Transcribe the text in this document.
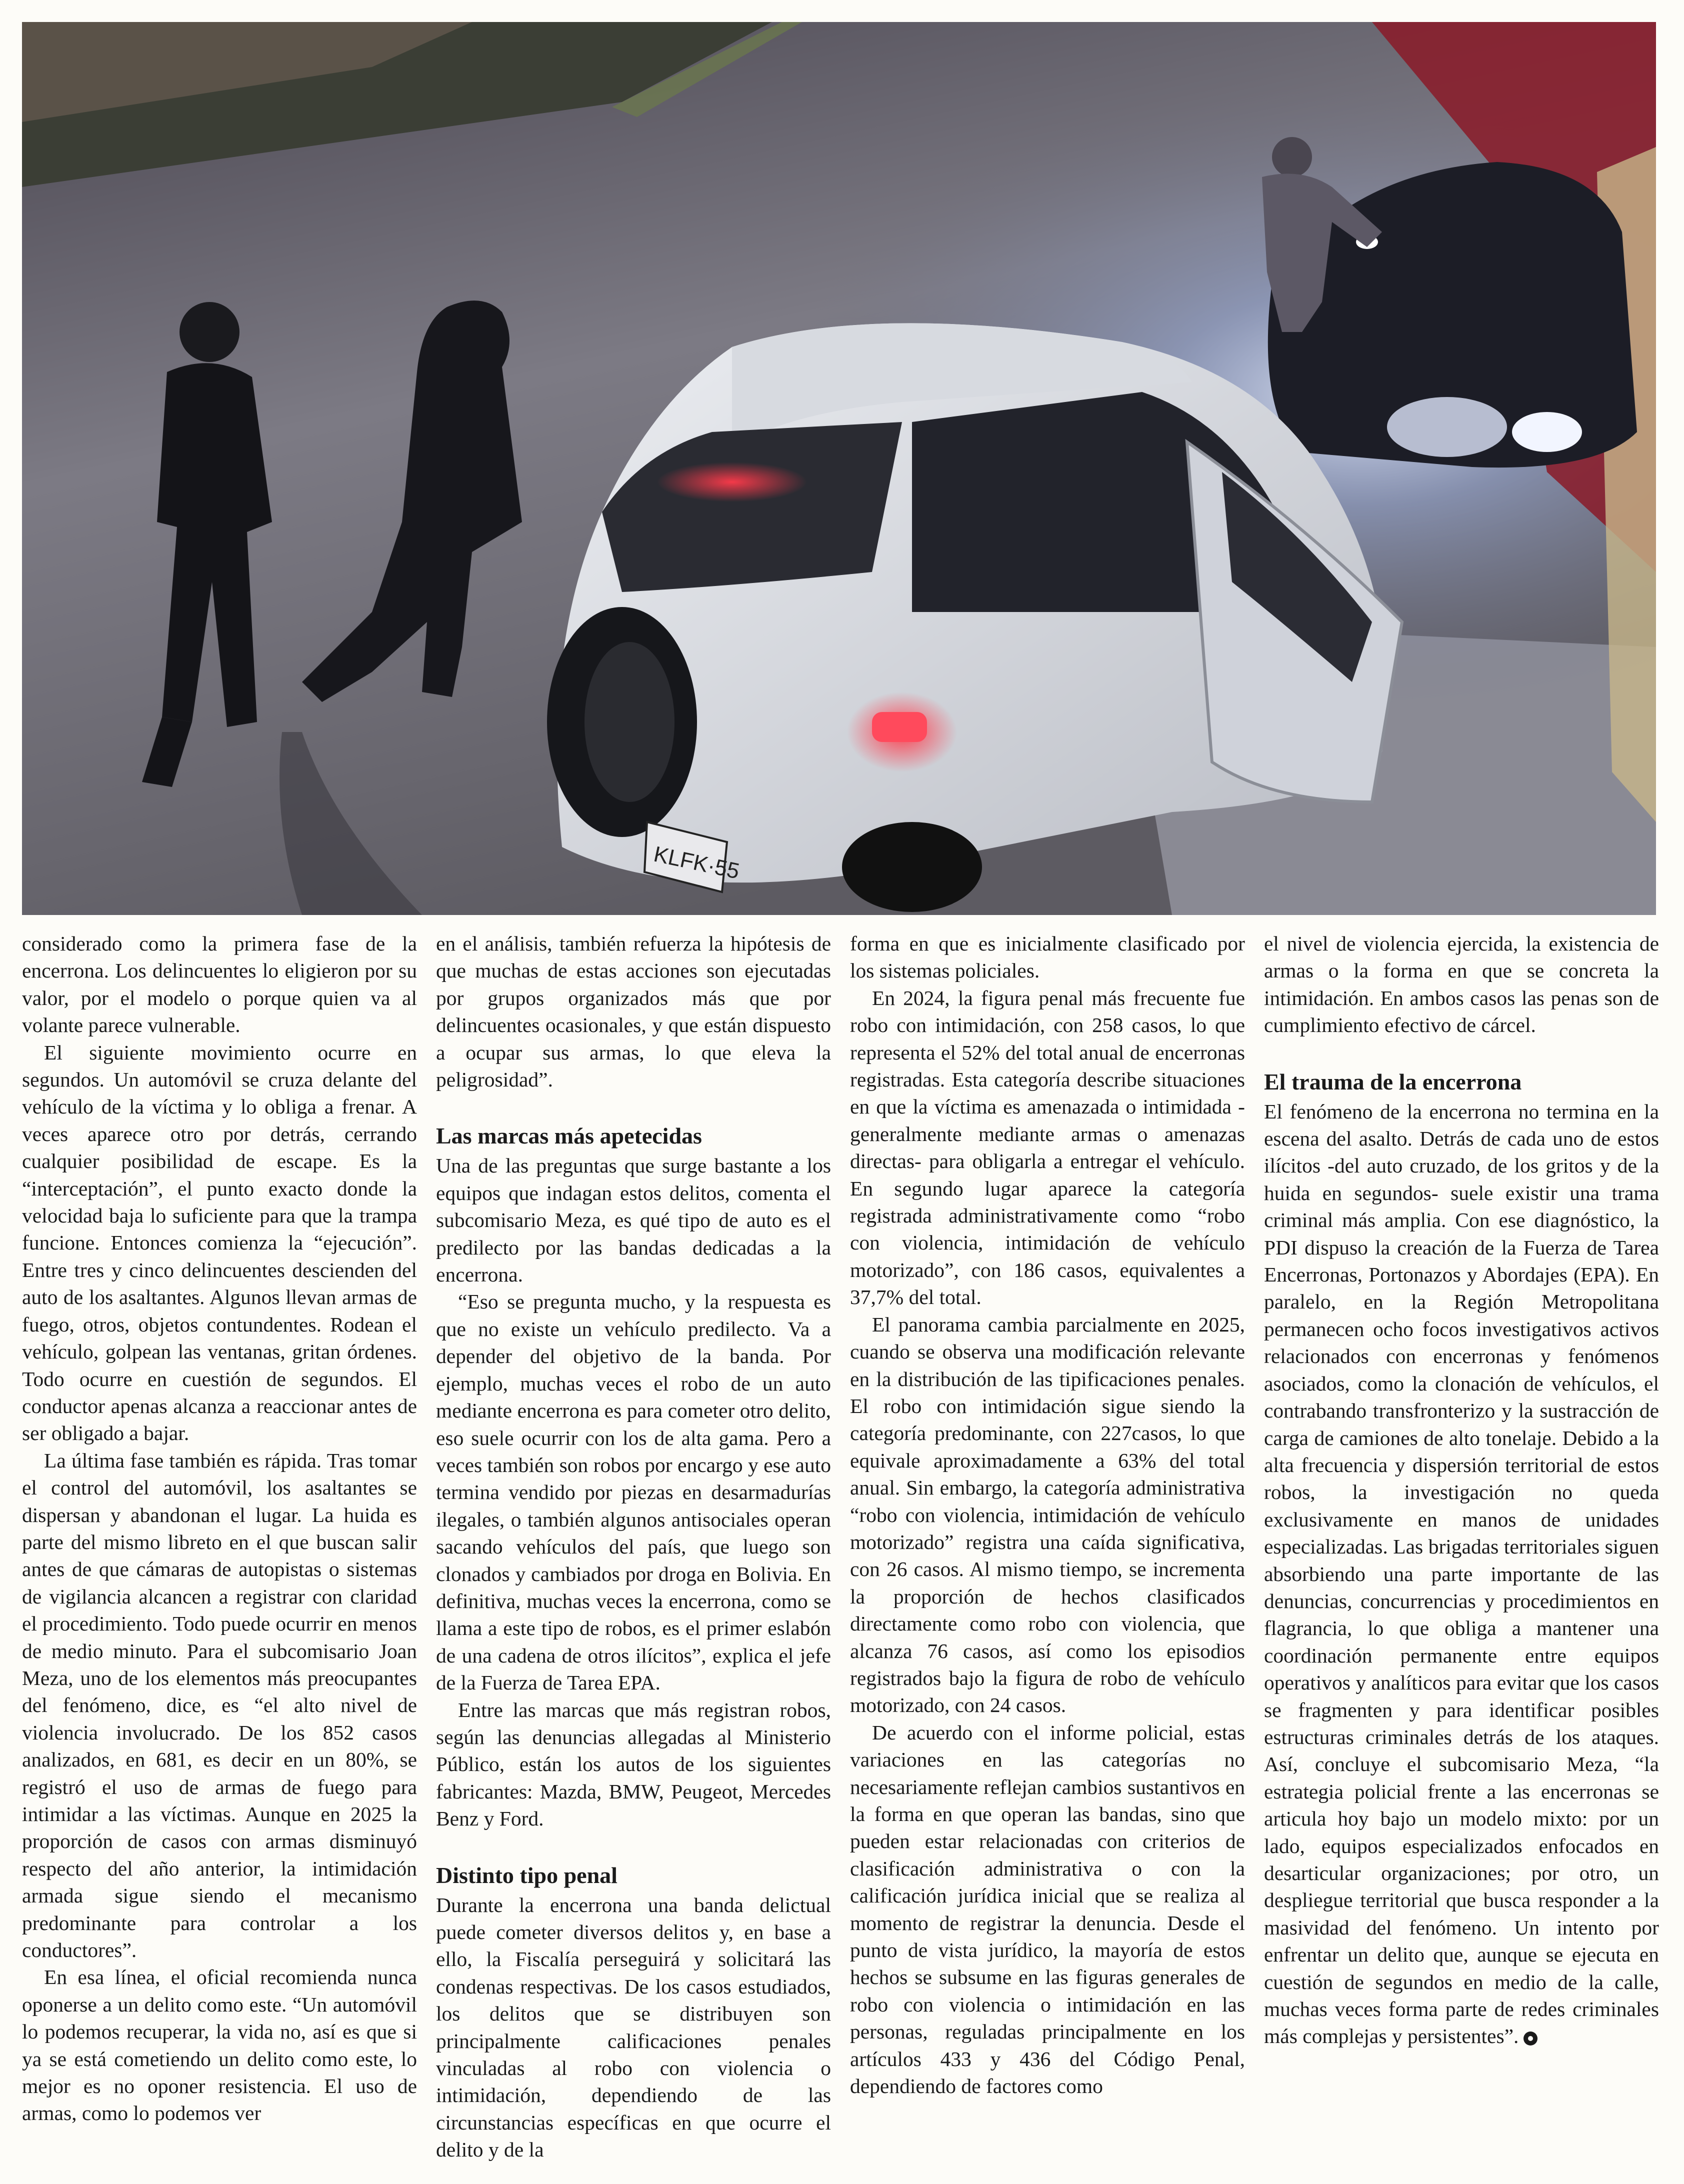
KLFK·55

considerado como la primera fase de la encerrona. Los delincuentes lo eligieron por su valor, por el modelo o porque quien va al volante parece vulnerable.

El siguiente movimiento ocurre en segundos. Un automóvil se cruza delante del vehículo de la víctima y lo obliga a frenar. A veces aparece otro por detrás, cerrando cualquier posibilidad de escape. Es la “interceptación”, el punto exacto donde la velocidad baja lo suficiente para que la trampa funcione. Entonces comienza la “ejecución”. Entre tres y cinco delincuentes descienden del auto de los asaltantes. Algunos llevan armas de fuego, otros, objetos contundentes. Rodean el vehículo, golpean las ventanas, gritan órdenes. Todo ocurre en cuestión de segundos. El conductor apenas alcanza a reaccionar antes de ser obligado a bajar.

La última fase también es rápida. Tras tomar el control del automóvil, los asaltantes se dispersan y abandonan el lugar. La huida es parte del mismo libreto en el que buscan salir antes de que cámaras de autopistas o sistemas de vigilancia alcancen a registrar con claridad el procedimiento. Todo puede ocurrir en menos de medio minuto. Para el subcomisario Joan Meza, uno de los elementos más preocupantes del fenómeno, dice, es “el alto nivel de violencia involucrado. De los 852 casos analizados, en 681, es decir en un 80%, se registró el uso de armas de fuego para intimidar a las víctimas. Aunque en 2025 la proporción de casos con armas disminuyó respecto del año anterior, la intimidación armada sigue siendo el mecanismo predominante para controlar a los conductores”.

En esa línea, el oficial recomienda nunca oponerse a un delito como este. “Un automóvil lo podemos recuperar, la vida no, así es que si ya se está cometiendo un delito como este, lo mejor es no oponer resistencia. El uso de armas, como lo podemos ver

en el análisis, también refuerza la hipótesis de que muchas de estas acciones son ejecutadas por grupos organizados más que por delincuentes ocasionales, y que están dispuesto a ocupar sus armas, lo que eleva la peligrosidad”.

Las marcas más apetecidas

Una de las preguntas que surge bastante a los equipos que indagan estos delitos, comenta el subcomisario Meza, es qué tipo de auto es el predilecto por las bandas dedicadas a la encerrona.

“Eso se pregunta mucho, y la respuesta es que no existe un vehículo predilecto. Va a depender del objetivo de la banda. Por ejemplo, muchas veces el robo de un auto mediante encerrona es para cometer otro delito, eso suele ocurrir con los de alta gama. Pero a veces también son robos por encargo y ese auto termina vendido por piezas en desarmadurías ilegales, o también algunos antisociales operan sacando vehículos del país, que luego son clonados y cambiados por droga en Bolivia. En definitiva, muchas veces la encerrona, como se llama a este tipo de robos, es el primer eslabón de una cadena de otros ilícitos”, explica el jefe de la Fuerza de Tarea EPA.

Entre las marcas que más registran robos, según las denuncias allegadas al Ministerio Público, están los autos de los siguientes fabricantes: Mazda, BMW, Peugeot, Mercedes Benz y Ford.

Distinto tipo penal

Durante la encerrona una banda delictual puede cometer diversos delitos y, en base a ello, la Fiscalía perseguirá y solicitará las condenas respectivas. De los casos estudiados, los delitos que se distribuyen son principalmente calificaciones penales vinculadas al robo con violencia o intimidación, dependiendo de las circunstancias específicas en que ocurre el delito y de la

forma en que es inicialmente clasificado por los sistemas policiales.

En 2024, la figura penal más frecuente fue robo con intimidación, con 258 casos, lo que representa el 52% del total anual de encerronas registradas. Esta categoría describe situaciones en que la víctima es amenazada o intimidada -generalmente mediante armas o amenazas directas- para obligarla a entregar el vehículo. En segundo lugar aparece la categoría registrada administrativamente como “robo con violencia, intimidación de vehículo motorizado”, con 186 casos, equivalentes a 37,7% del total.

El panorama cambia parcialmente en 2025, cuando se observa una modificación relevante en la distribución de las tipificaciones penales. El robo con intimidación sigue siendo la categoría predominante, con 227casos, lo que equivale aproximadamente a 63% del total anual. Sin embargo, la categoría administrativa “robo con violencia, intimidación de vehículo motorizado” registra una caída significativa, con 26 casos. Al mismo tiempo, se incrementa la proporción de hechos clasificados directamente como robo con violencia, que alcanza 76 casos, así como los episodios registrados bajo la figura de robo de vehículo motorizado, con 24 casos.

De acuerdo con el informe policial, estas variaciones en las categorías no necesariamente reflejan cambios sustantivos en la forma en que operan las bandas, sino que pueden estar relacionadas con criterios de clasificación administrativa o con la calificación jurídica inicial que se realiza al momento de registrar la denuncia. Desde el punto de vista jurídico, la mayoría de estos hechos se subsume en las figuras generales de robo con violencia o intimidación en las personas, reguladas principalmente en los artículos 433 y 436 del Código Penal, dependiendo de factores como

el nivel de violencia ejercida, la existencia de armas o la forma en que se concreta la intimidación. En ambos casos las penas son de cumplimiento efectivo de cárcel.

El trauma de la encerrona

El fenómeno de la encerrona no termina en la escena del asalto. Detrás de cada uno de estos ilícitos -del auto cruzado, de los gritos y de la huida en segundos- suele existir una trama criminal más amplia. Con ese diagnóstico, la PDI dispuso la creación de la Fuerza de Tarea Encerronas, Portonazos y Abordajes (EPA). En paralelo, en la Región Metropolitana permanecen ocho focos investigativos activos relacionados con encerronas y fenómenos asociados, como la clonación de vehículos, el contrabando transfronterizo y la sustracción de carga de camiones de alto tonelaje. Debido a la alta frecuencia y dispersión territorial de estos robos, la investigación no queda exclusivamente en manos de unidades especializadas. Las brigadas territoriales siguen absorbiendo una parte importante de las denuncias, concurrencias y procedimientos en flagrancia, lo que obliga a mantener una coordinación permanente entre equipos operativos y analíticos para evitar que los casos se fragmenten y para identificar posibles estructuras criminales detrás de los ataques. Así, concluye el subcomisario Meza, “la estrategia policial frente a las encerronas se articula hoy bajo un modelo mixto: por un lado, equipos especializados enfocados en desarticular organizaciones; por otro, un despliegue territorial que busca responder a la masividad del fenómeno. Un intento por enfrentar un delito que, aunque se ejecuta en cuestión de segundos en medio de la calle, muchas veces forma parte de redes criminales más complejas y persistentes”.
